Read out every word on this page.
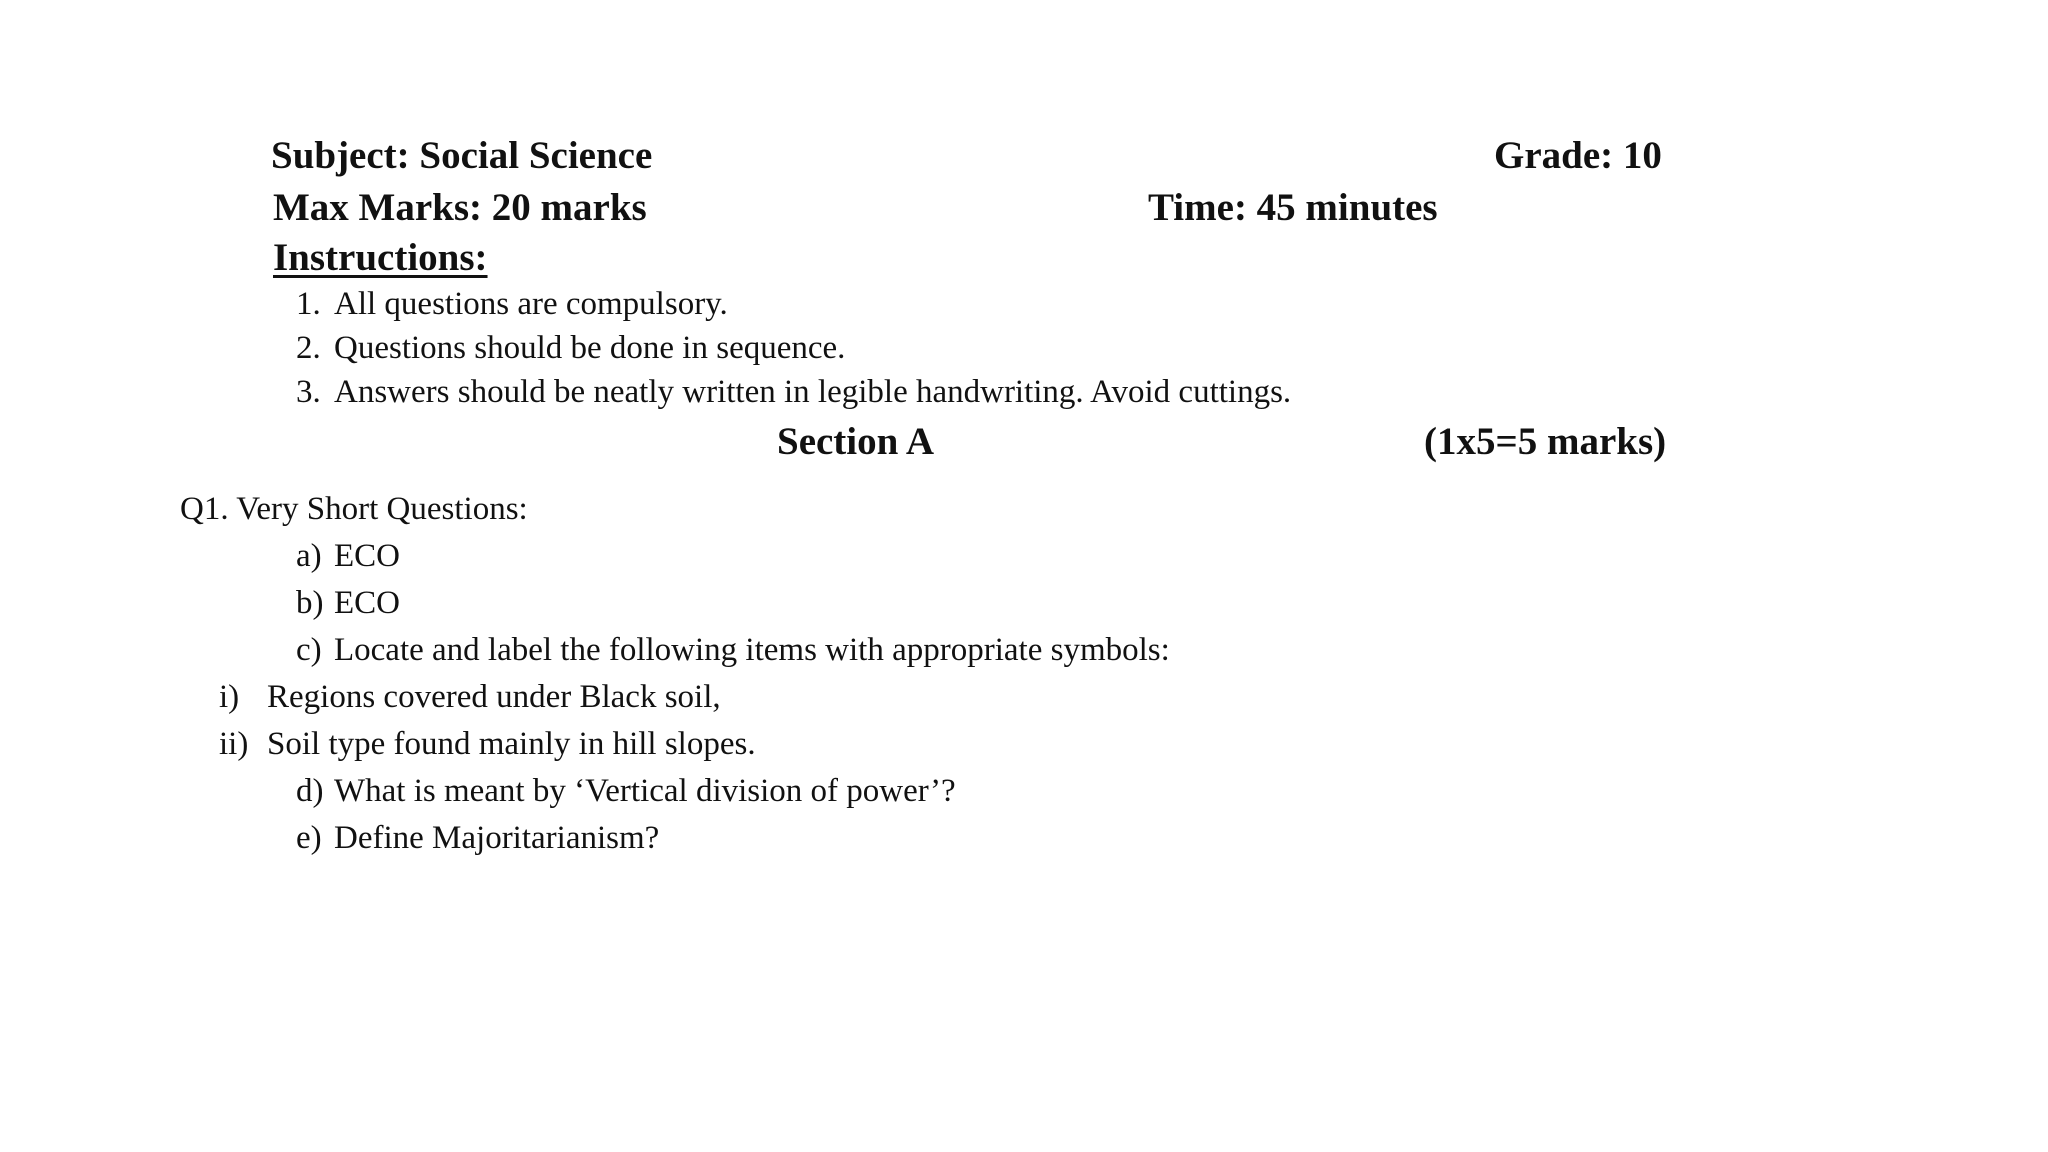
Subject: Social Science	Grade: 10
Max Marks: 20 marks	Time: 45 minutes
Instructions:
1. All questions are compulsory.
2. Questions should be done in sequence.
3. Answers should be neatly written in legible handwriting. Avoid cuttings.
Section A	(1x5=5 marks)
Q1. Very Short Questions:
a) ECO
b) ECO
c) Locate and label the following items with appropriate symbols:
i) Regions covered under Black soil,
ii) Soil type found mainly in hill slopes.
d) What is meant by ‘Vertical division of power’?
e) Define Majoritarianism?
